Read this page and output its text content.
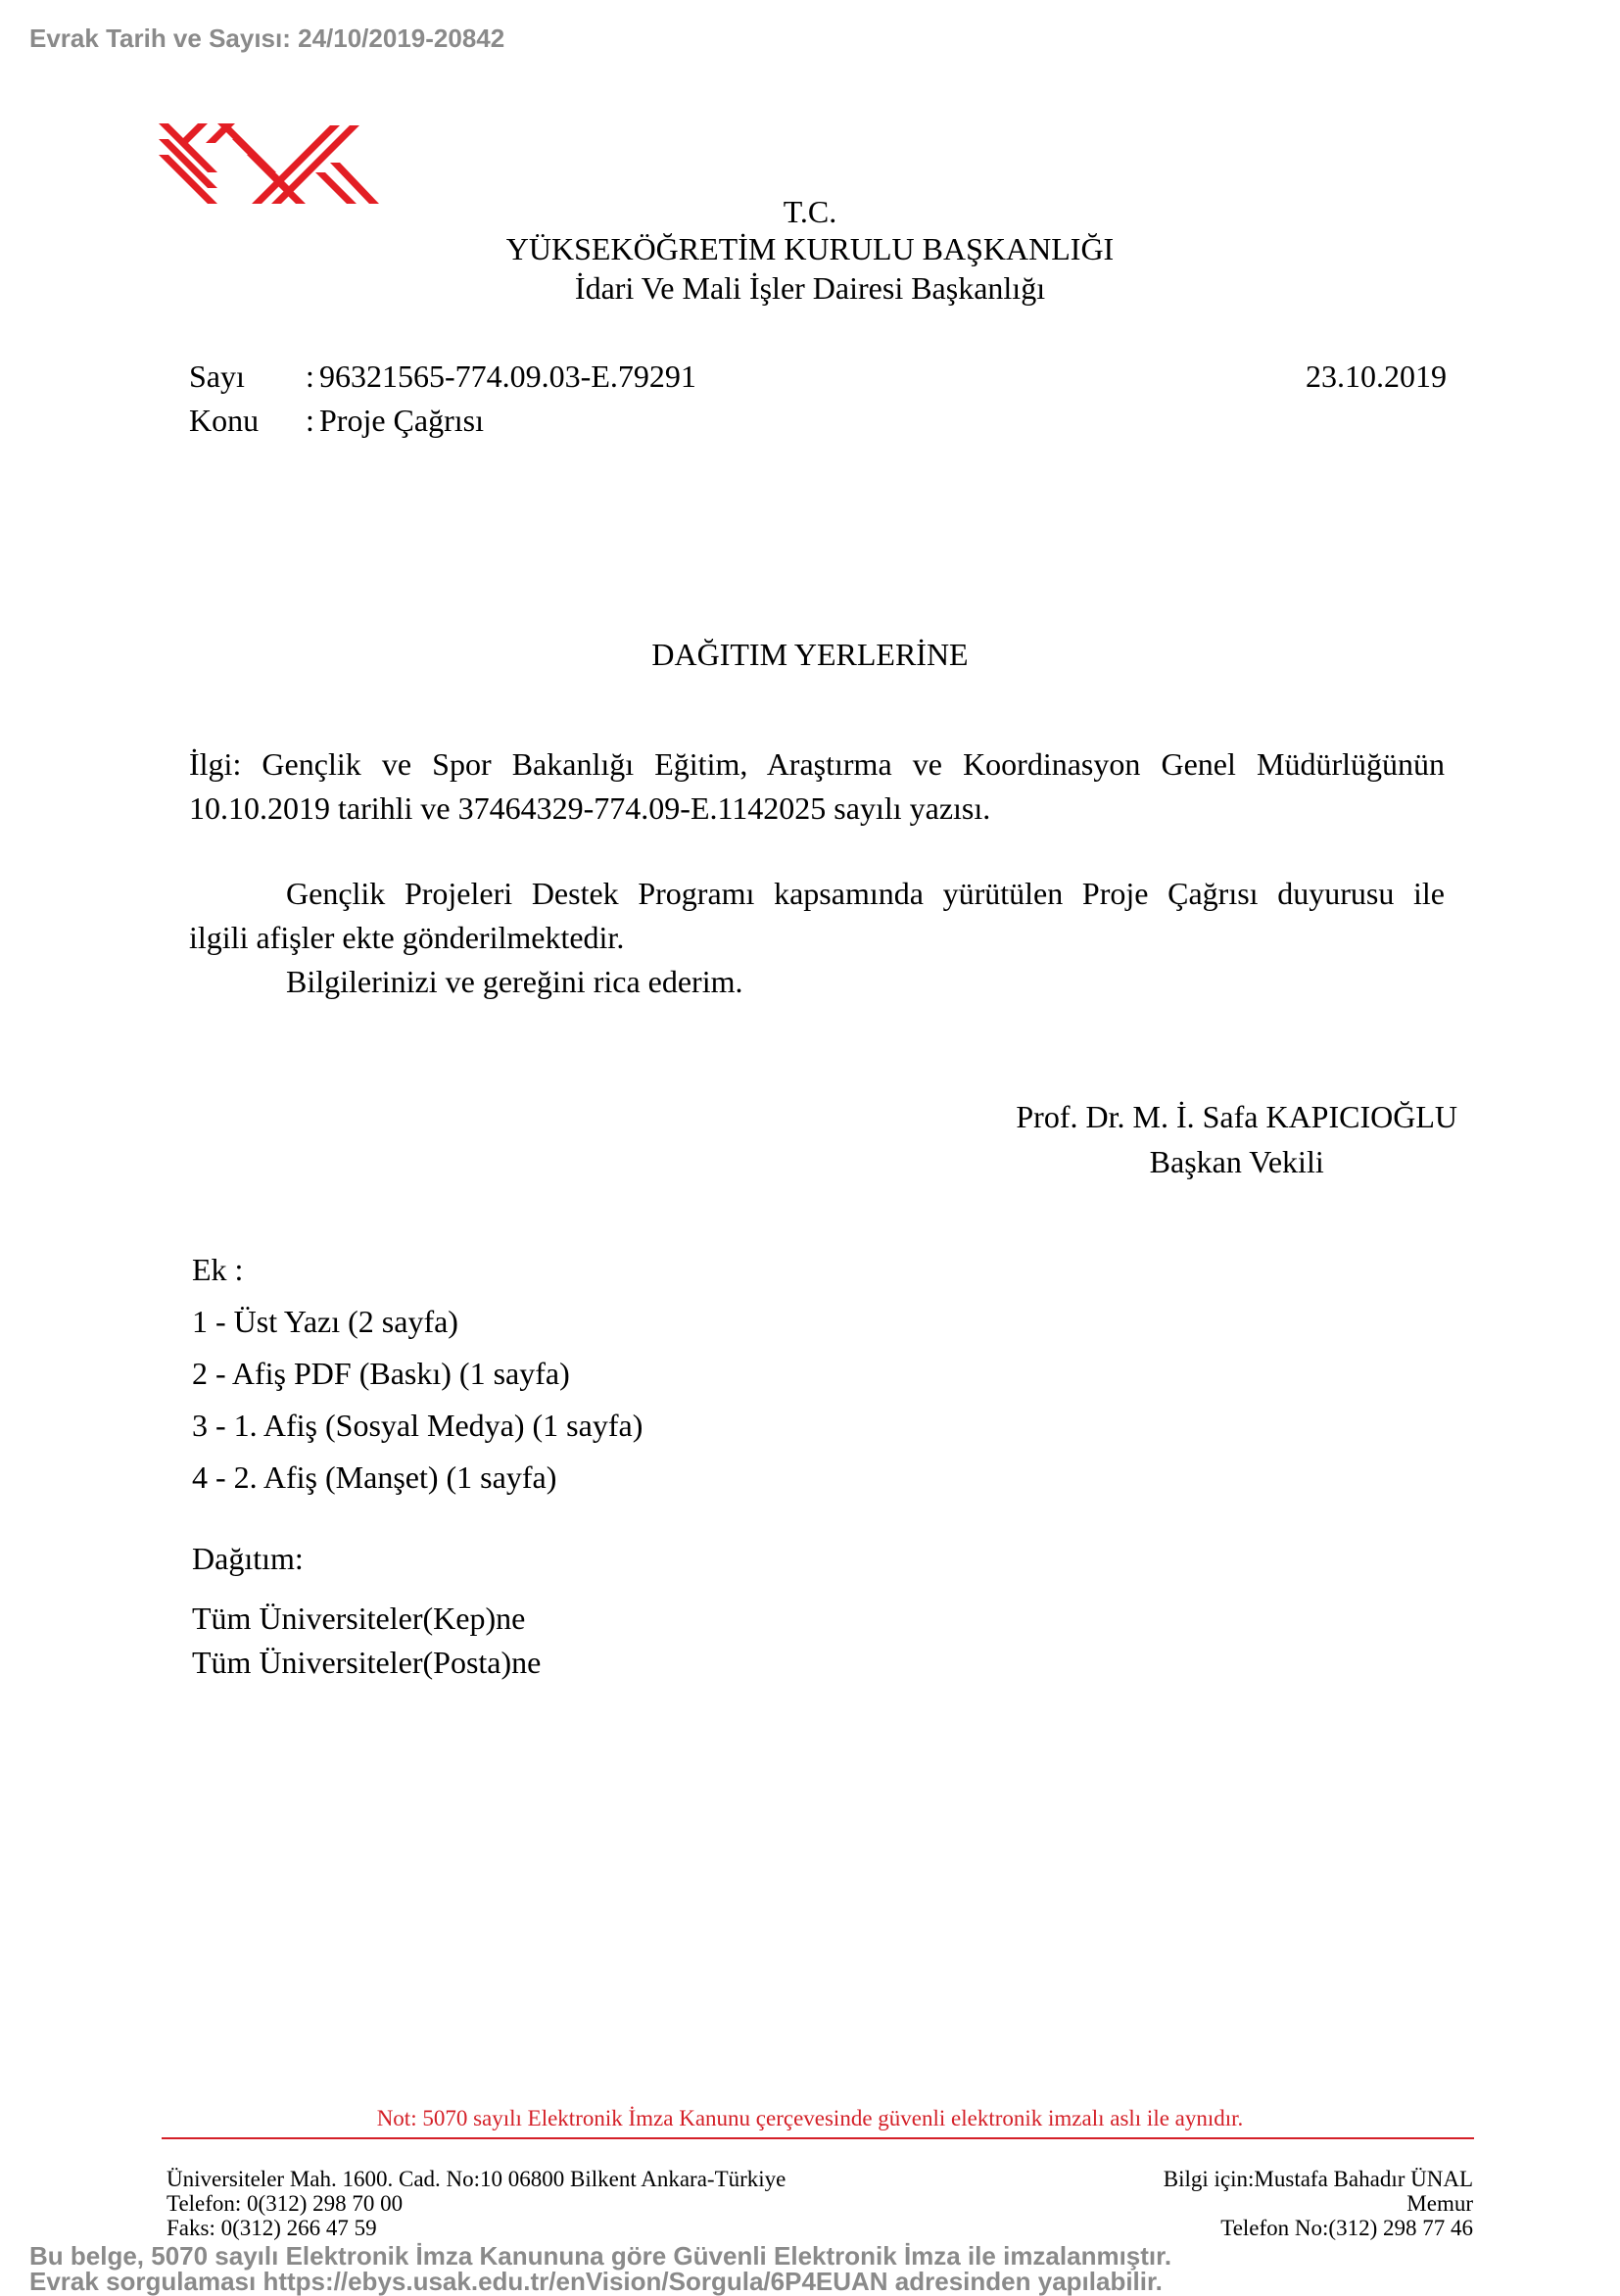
Evrak Tarih ve Sayısı: 24/10/2019-20842
T.C.
YÜKSEKÖĞRETİM KURULU BAŞKANLIĞI
İdari Ve Mali İşler Dairesi Başkanlığı
Sayı : 96321565-774.09.03-E.79291	23.10.2019
Konu : Proje Çağrısı
DAĞITIM YERLERİNE
İlgi: Gençlik ve Spor Bakanlığı Eğitim, Araştırma ve Koordinasyon Genel Müdürlüğünün
10.10.2019 tarihli ve 37464329-774.09-E.1142025 sayılı yazısı.
Gençlik Projeleri Destek Programı kapsamında yürütülen Proje Çağrısı duyurusu ile
ilgili afişler ekte gönderilmektedir.
Bilgilerinizi ve gereğini rica ederim.
Prof. Dr. M. İ. Safa KAPICIOĞLU
Başkan Vekili
Ek :
1 - Üst Yazı (2 sayfa)
2 - Afiş PDF (Baskı) (1 sayfa)
3 - 1. Afiş (Sosyal Medya) (1 sayfa)
4 - 2. Afiş (Manşet) (1 sayfa)
Dağıtım:
Tüm Üniversiteler(Kep)ne
Tüm Üniversiteler(Posta)ne
Not: 5070 sayılı Elektronik İmza Kanunu çerçevesinde güvenli elektronik imzalı aslı ile aynıdır.
Üniversiteler Mah. 1600. Cad. No:10 06800 Bilkent Ankara-Türkiye
Telefon: 0(312) 298 70 00
Faks: 0(312) 266 47 59
Bilgi için:Mustafa Bahadır ÜNAL
Memur
Telefon No:(312) 298 77 46
Bu belge, 5070 sayılı Elektronik İmza Kanununa göre Güvenli Elektronik İmza ile imzalanmıştır.
Evrak sorgulaması https://ebys.usak.edu.tr/enVision/Sorgula/6P4EUAN adresinden yapılabilir.
